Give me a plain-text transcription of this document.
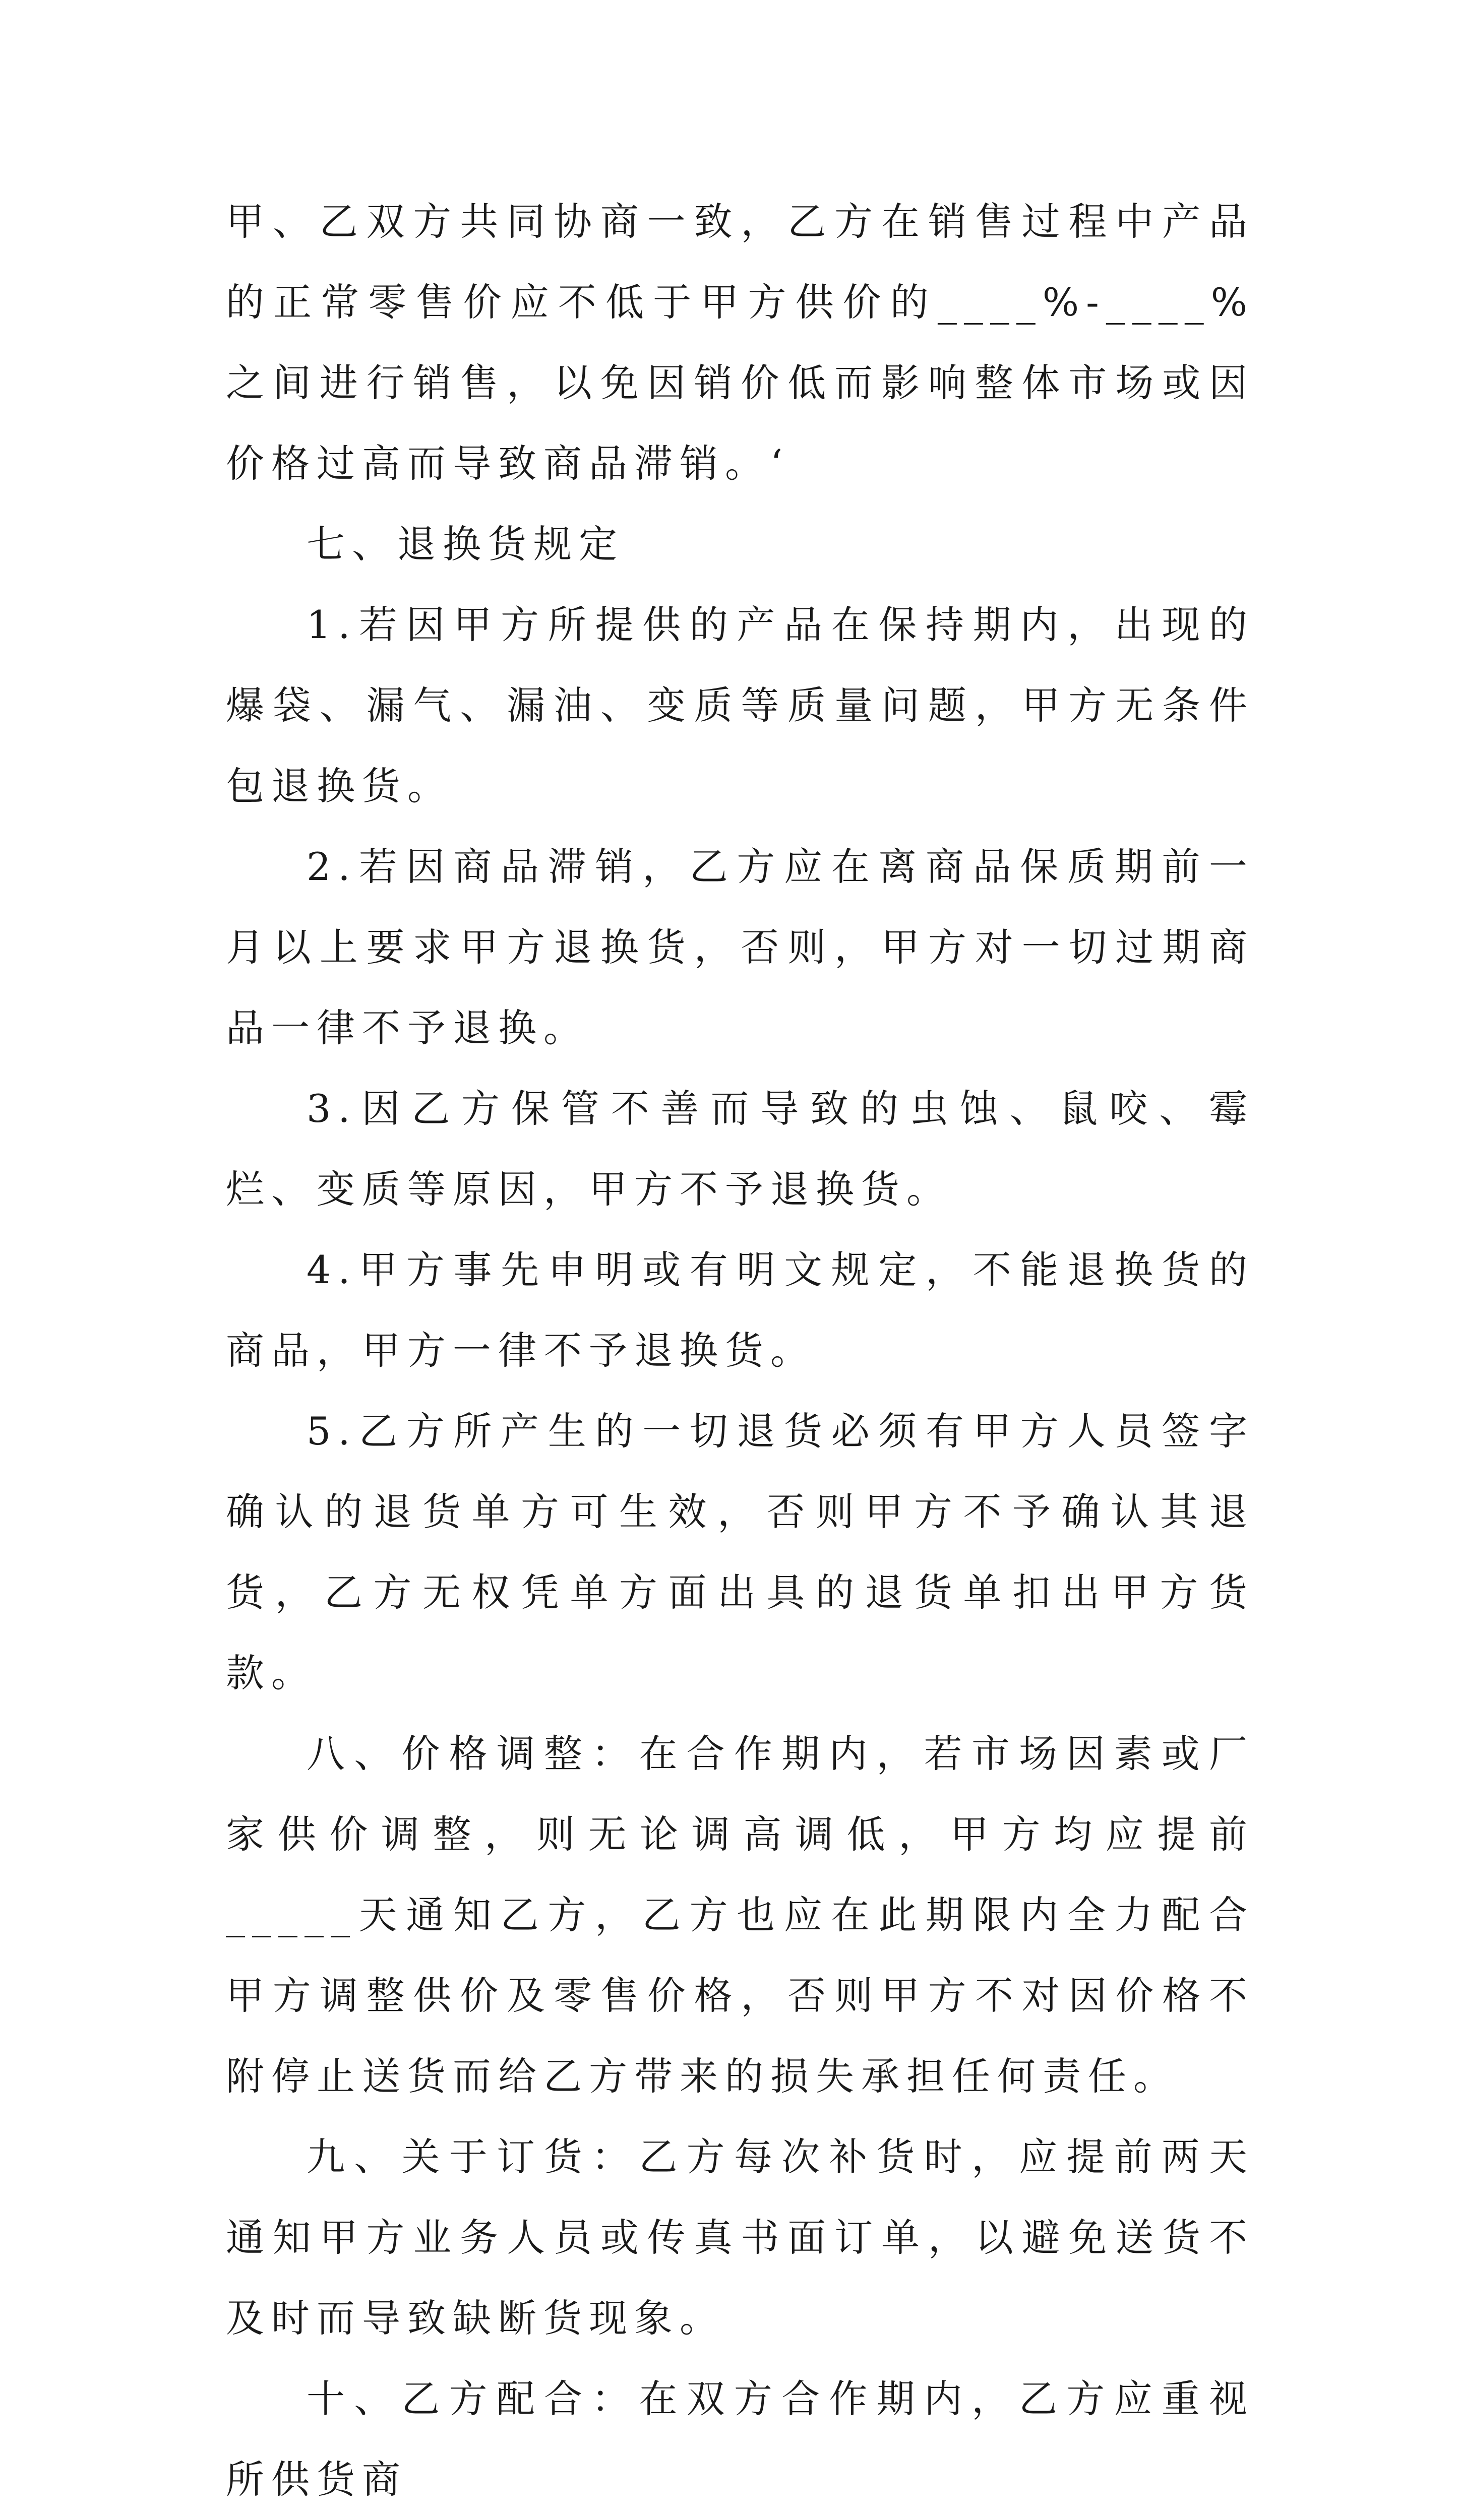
甲、乙双方共同协商一致，乙方在销售过程中产品的正常零售价应不低于甲方供价的____%-____%之间进行销售，以免因销价低而影响整体市场或因价格过高而导致商品滞销。‘

七、退换货规定

1.若因甲方所提供的产品在保持期内，出现的爆袋、漏气、漏油、变质等质量问题，甲方无条件包退换货。

2.若因商品滞销，乙方应在离商品保质期前一月以上要求甲方退换货，否则，甲方对一切过期商品一律不予退换。

3.因乙方保管不善而导致的虫蚀、鼠咬、霉烂、变质等原因，甲方不予退换货。

4.甲方事先申明或有明文规定，不能退换货的商品，甲方一律不予退换货。

5.乙方所产生的一切退货必须有甲方人员签字确认的退货单方可生效，否则甲方不予确认其退货，乙方无权凭单方面出具的退货单扣出甲方货款。

八、价格调整：在合作期内，若市场因素或厂家供价调整，则无论调高调低，甲方均应提前_____天通知乙方，乙方也应在此期限内全力配合甲方调整供价及零售价格，否则甲方不对因价格不附停止送货而给乙方带来的损失承担任何责任。

九、关于订货：乙方每次补货时，应提前两天通知甲方业务人员或传真书面订单，以避免送货不及时而导致缺断货现象。

十、乙方配合：在双方合作期内，乙方应重视所供货商
